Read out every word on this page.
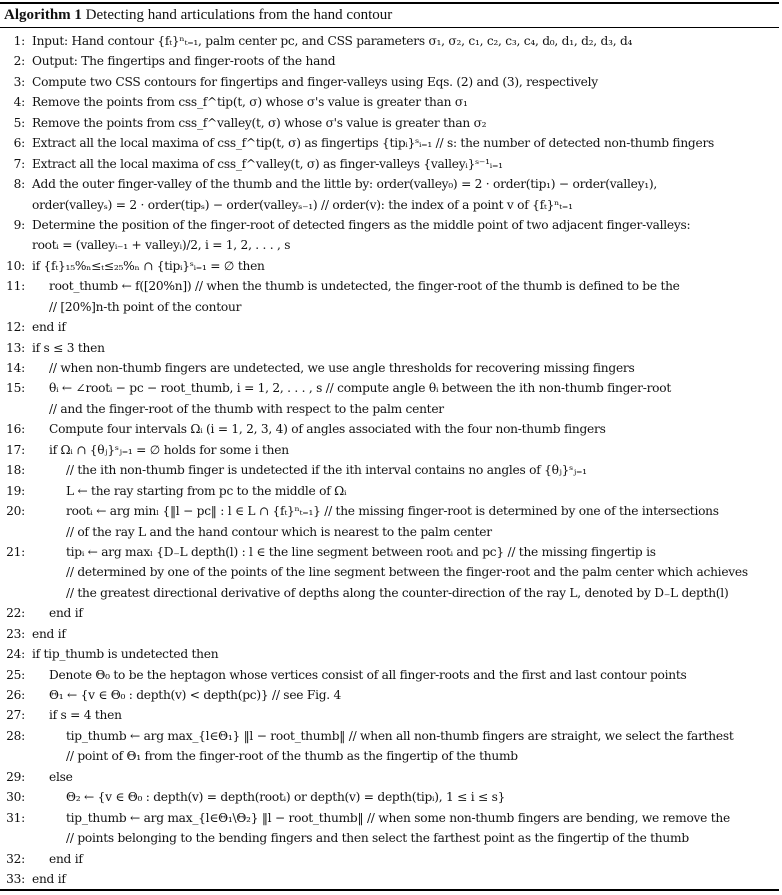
Algorithm 1 Detecting hand articulations from the hand contour
1: Input: Hand contour {fₜ}ⁿₜ₌₁, palm center pc, and CSS parameters σ₁, σ₂, c₁, c₂, c₃, c₄, d₀, d₁, d₂, d₃, d₄
2: Output: The fingertips and finger-roots of the hand
3: Compute two CSS contours for fingertips and finger-valleys using Eqs. (2) and (3), respectively
4: Remove the points from css_f^tip(t, σ) whose σ's value is greater than σ₁
5: Remove the points from css_f^valley(t, σ) whose σ's value is greater than σ₂
6: Extract all the local maxima of css_f^tip(t, σ) as fingertips {tipᵢ}ˢᵢ₌₁ // s: the number of detected non-thumb fingers
7: Extract all the local maxima of css_f^valley(t, σ) as finger-valleys {valleyᵢ}ˢ⁻¹ᵢ₌₁
8: Add the outer finger-valley of the thumb and the little by: order(valley₀) = 2 · order(tip₁) − order(valley₁),
order(valleyₛ) = 2 · order(tipₛ) − order(valleyₛ₋₁) // order(v): the index of a point v of {fₜ}ⁿₜ₌₁
9: Determine the position of the finger-root of detected fingers as the middle point of two adjacent finger-valleys:
rootᵢ = (valleyᵢ₋₁ + valleyᵢ)/2, i = 1, 2, . . . , s
10: if {fₜ}₁₅%ₙ≤ₜ≤₂₅%ₙ ∩ {tipᵢ}ˢᵢ₌₁ = ∅ then
11: root_thumb ← f([20%n]) // when the thumb is undetected, the finger-root of the thumb is defined to be the
// [20%]n-th point of the contour
12: end if
13: if s ≤ 3 then
14: // when non-thumb fingers are undetected, we use angle thresholds for recovering missing fingers
15: θᵢ ← ∠rootᵢ − pc − root_thumb, i = 1, 2, . . . , s // compute angle θᵢ between the ith non-thumb finger-root
// and the finger-root of the thumb with respect to the palm center
16: Compute four intervals Ωᵢ (i = 1, 2, 3, 4) of angles associated with the four non-thumb fingers
17: if Ωᵢ ∩ {θⱼ}ˢⱼ₌₁ = ∅ holds for some i then
18:	// the ith non-thumb finger is undetected if the ith interval contains no angles of {θⱼ}ˢⱼ₌₁
19:	L ← the ray starting from pc to the middle of Ωᵢ
20:	rootᵢ ← arg minₗ {‖l − pc‖ : l ∈ L ∩ {fₜ}ⁿₜ₌₁} // the missing finger-root is determined by one of the intersections
// of the ray L and the hand contour which is nearest to the palm center
21:	tipᵢ ← arg maxₗ {D₋L depth(l) : l ∈ the line segment between rootᵢ and pc} // the missing fingertip is
// determined by one of the points of the line segment between the finger-root and the palm center which achieves
// the greatest directional derivative of depths along the counter-direction of the ray L, denoted by D₋L depth(l)
22: end if
23: end if
24: if tip_thumb is undetected then
25: Denote Θ₀ to be the heptagon whose vertices consist of all finger-roots and the first and last contour points
26: Θ₁ ← {v ∈ Θ₀ : depth(v) < depth(pc)} // see Fig. 4
27: if s = 4 then
28:	tip_thumb ← arg max_{l∈Θ₁} ‖l − root_thumb‖ // when all non-thumb fingers are straight, we select the farthest
// point of Θ₁ from the finger-root of the thumb as the fingertip of the thumb
29: else
30:	Θ₂ ← {v ∈ Θ₀ : depth(v) = depth(rootᵢ) or depth(v) = depth(tipᵢ), 1 ≤ i ≤ s}
31:	tip_thumb ← arg max_{l∈Θ₁\Θ₂} ‖l − root_thumb‖ // when some non-thumb fingers are bending, we remove the
// points belonging to the bending fingers and then select the farthest point as the fingertip of the thumb
32: end if
33: end if
